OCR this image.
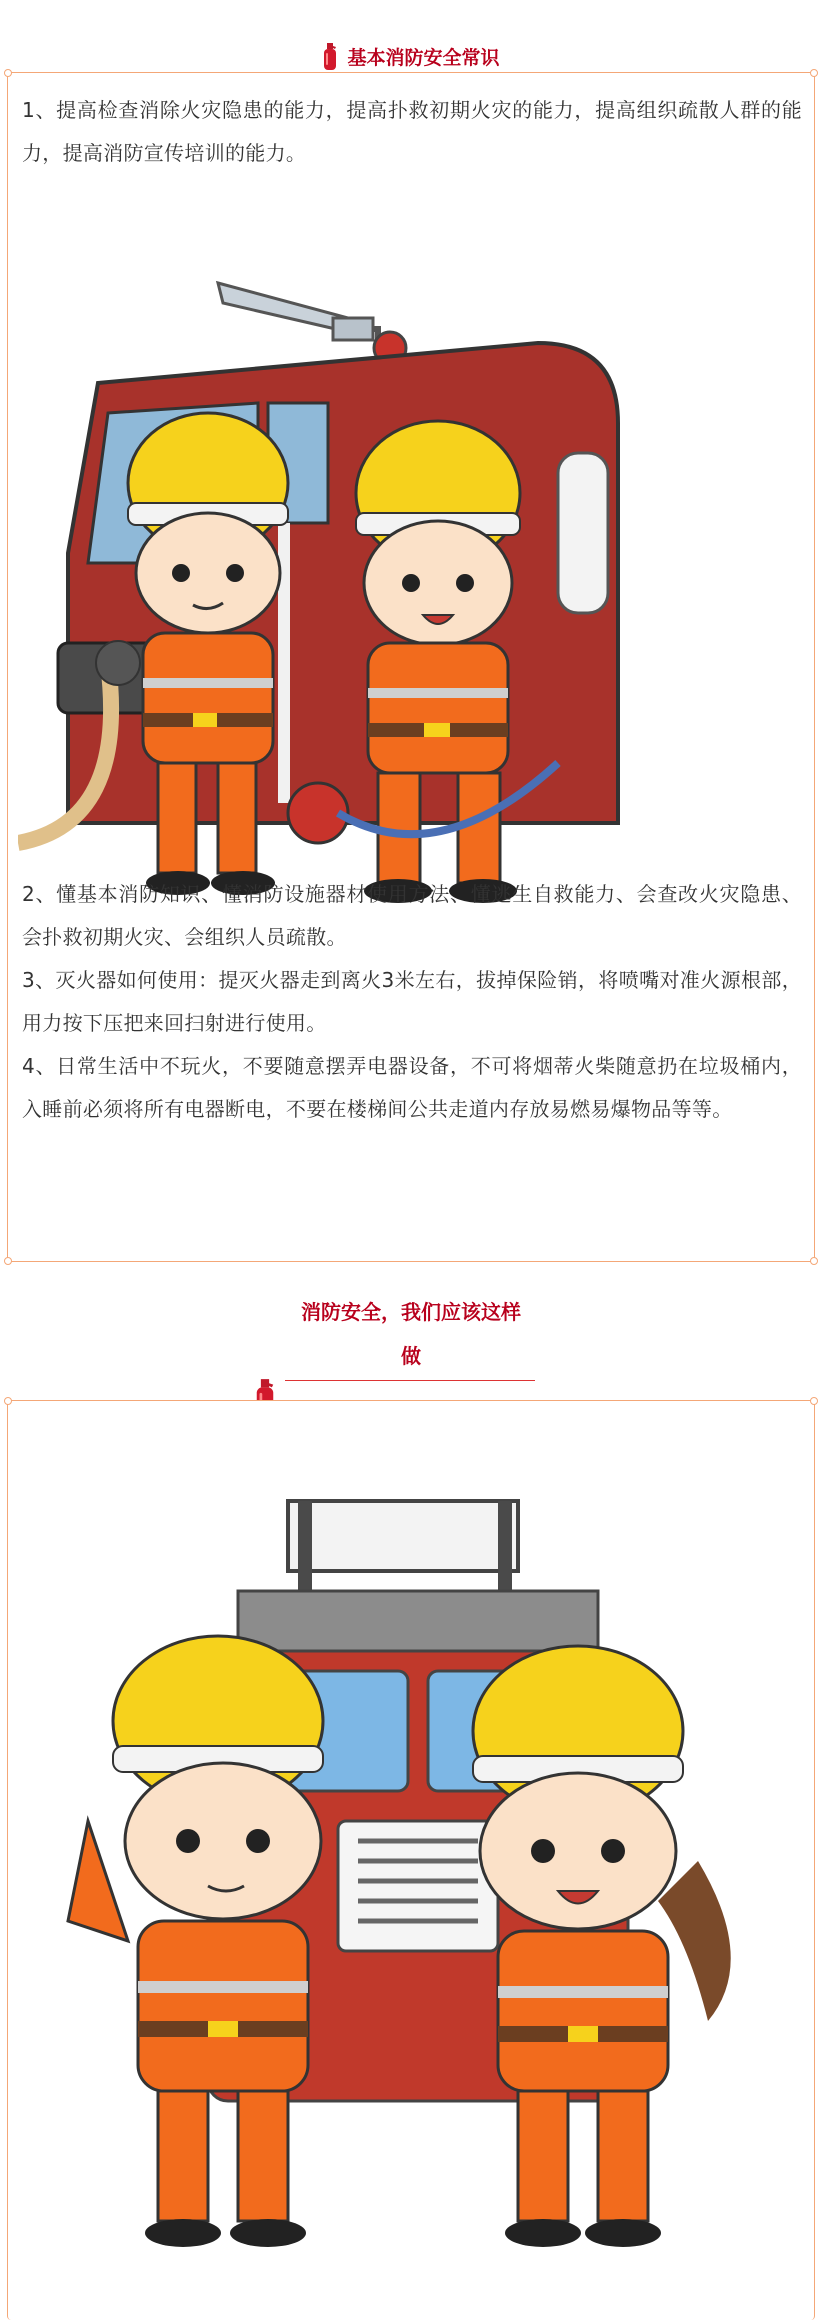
基本消防安全常识

1、提高检查消除火灾隐患的能力，提高扑救初期火灾的能力，提高组织疏散人群的能力，提高消防宣传培训的能力。

2、懂基本消防知识、懂消防设施器材使用方法、懂逃生自救能力、会查改火灾隐患、会扑救初期火灾、会组织人员疏散。

3、灭火器如何使用：提灭火器走到离火3米左右，拔掉保险销，将喷嘴对准火源根部，用力按下压把来回扫射进行使用。

4、日常生活中不玩火，不要随意摆弄电器设备，不可将烟蒂火柴随意扔在垃圾桶内，入睡前必须将所有电器断电，不要在楼梯间公共走道内存放易燃易爆物品等等。

消防安全，我们应该这样
做
